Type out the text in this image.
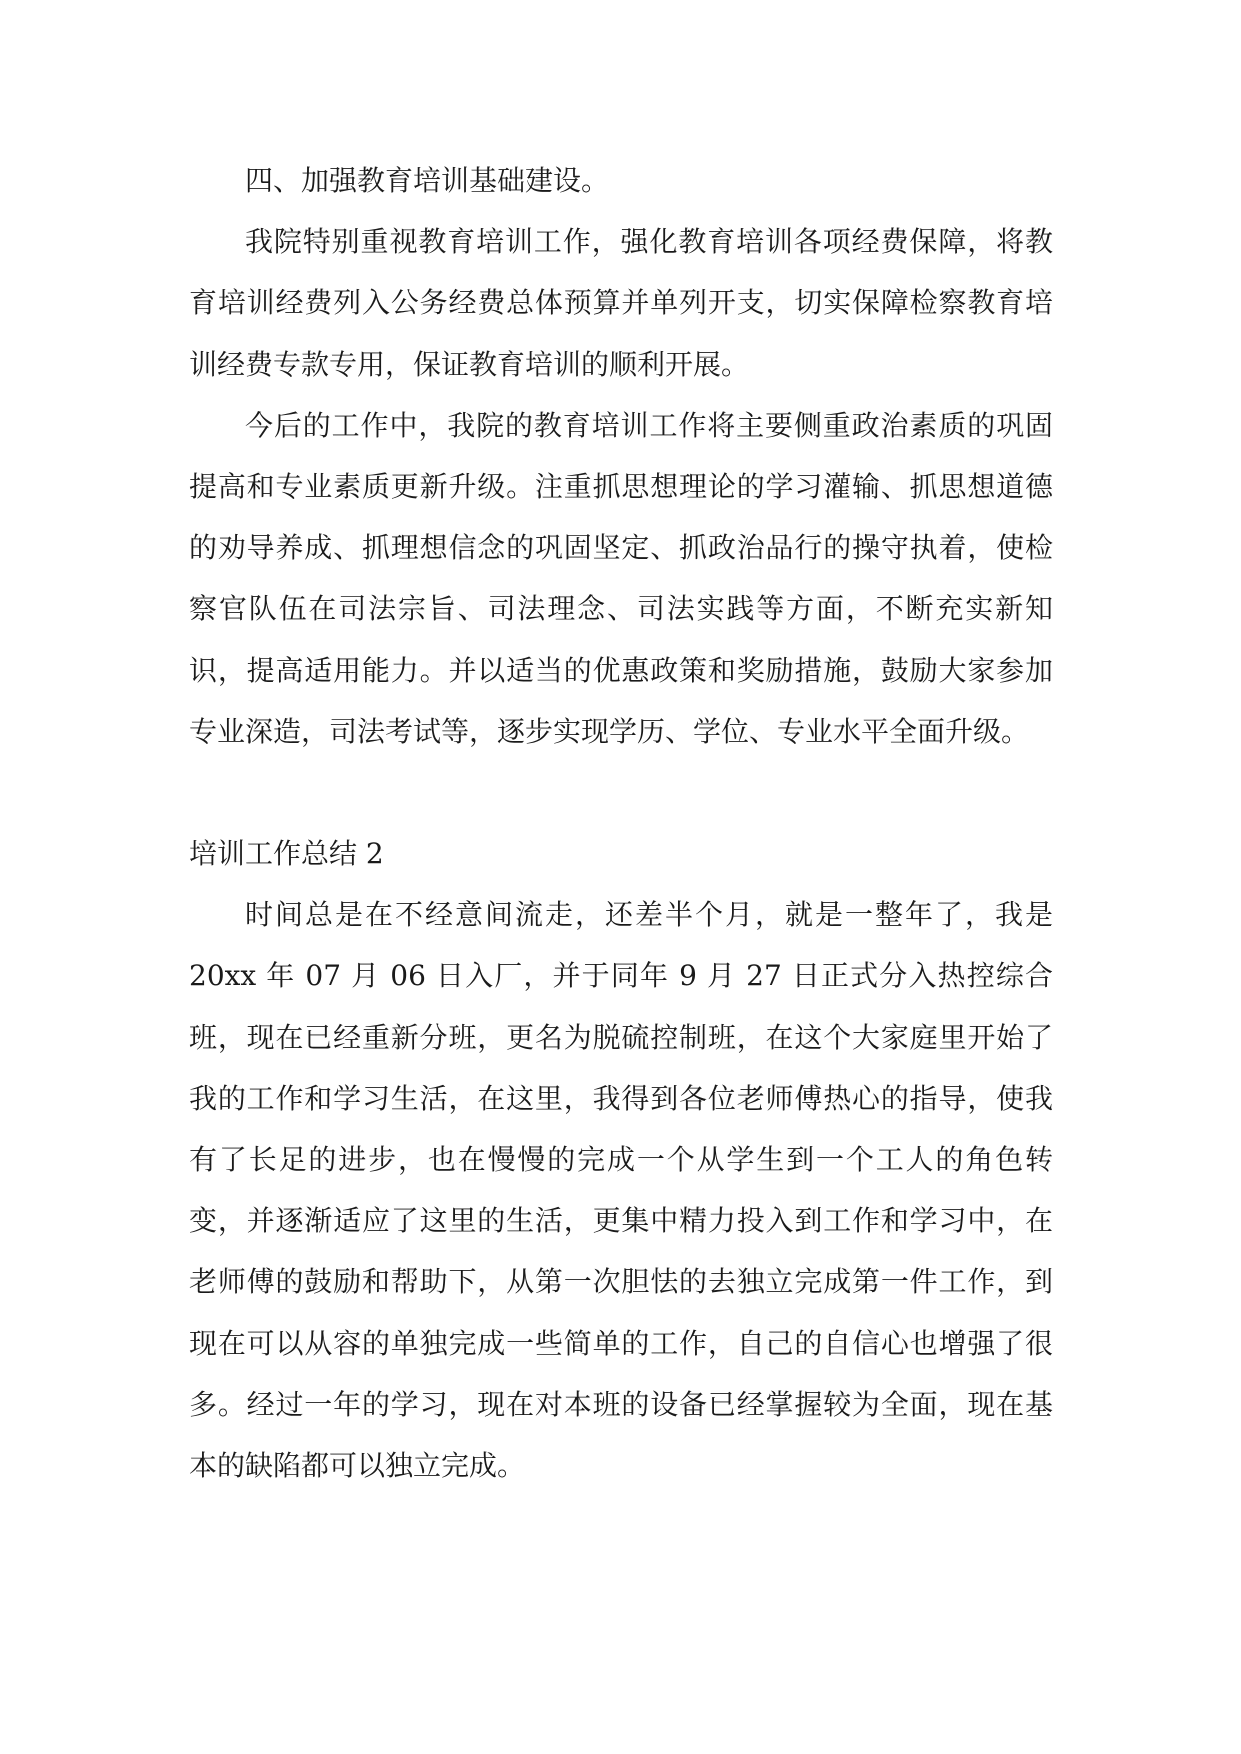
四、加强教育培训基础建设。

我院特别重视教育培训工作，强化教育培训各项经费保障，将教育培训经费列入公务经费总体预算并单列开支，切实保障检察教育培训经费专款专用，保证教育培训的顺利开展。

今后的工作中，我院的教育培训工作将主要侧重政治素质的巩固提高和专业素质更新升级。注重抓思想理论的学习灌输、抓思想道德的劝导养成、抓理想信念的巩固坚定、抓政治品行的操守执着，使检察官队伍在司法宗旨、司法理念、司法实践等方面，不断充实新知识，提高适用能力。并以适当的优惠政策和奖励措施，鼓励大家参加专业深造，司法考试等，逐步实现学历、学位、专业水平全面升级。

培训工作总结 2

时间总是在不经意间流走，还差半个月，就是一整年了，我是20xx 年 07 月 06 日入厂，并于同年 9 月 27 日正式分入热控综合班，现在已经重新分班，更名为脱硫控制班，在这个大家庭里开始了我的工作和学习生活，在这里，我得到各位老师傅热心的指导，使我有了长足的进步，也在慢慢的完成一个从学生到一个工人的角色转变，并逐渐适应了这里的生活，更集中精力投入到工作和学习中，在老师傅的鼓励和帮助下，从第一次胆怯的去独立完成第一件工作，到现在可以从容的单独完成一些简单的工作，自己的自信心也增强了很多。经过一年的学习，现在对本班的设备已经掌握较为全面，现在基本的缺陷都可以独立完成。
